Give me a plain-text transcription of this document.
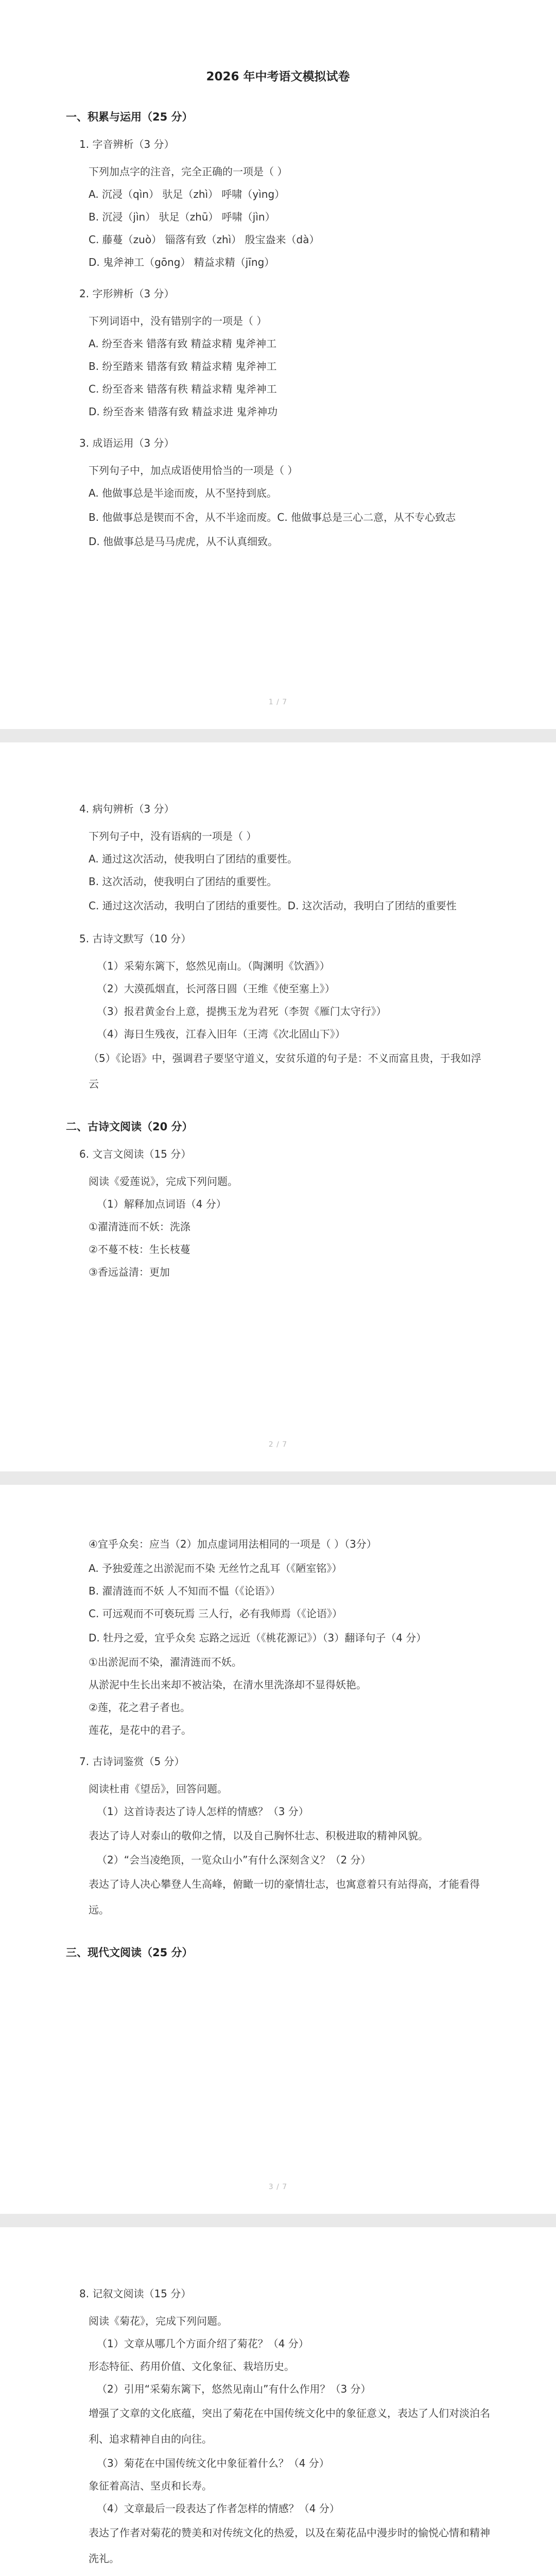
2026 年中考语文模拟试卷
一、积累与运用（25 分）
1. 字音辨析（3 分）
下列加点字的注音，完全正确的一项是（ ）
A. 沉浸（qìn） 驮足（zhì） 呼啸（yìng）
B. 沉浸（jìn） 驮足（zhū） 呼啸（jìn）
C. 藤蔓（zuò） 锱落有致（zhì） 殷宝盎来（dà）
D. 鬼斧神工（gōng） 精益求精（jīng）
2. 字形辨析（3 分）
下列词语中，没有错别字的一项是（ ）
A. 纷至沓来 错落有致 精益求精 鬼斧神工
B. 纷至踏来 错落有致 精益求精 鬼斧神工
C. 纷至沓来 错落有秩 精益求精 鬼斧神工
D. 纷至沓来 错落有致 精益求进 鬼斧神功
3. 成语运用（3 分）
下列句子中，加点成语使用恰当的一项是（ ）
A. 他做事总是半途而废，从不坚持到底。
B. 他做事总是锲而不舍，从不半途而废。C. 他做事总是三心二意，从不专心致志
D. 他做事总是马马虎虎，从不认真细致。
1 / 7
4. 病句辨析（3 分）
下列句子中，没有语病的一项是（ ）
A. 通过这次活动，使我明白了团结的重要性。
B. 这次活动，使我明白了团结的重要性。
C. 通过这次活动，我明白了团结的重要性。D. 这次活动，我明白了团结的重要性
5. 古诗文默写（10 分）
（1）采菊东篱下，悠然见南山。（陶渊明《饮酒》）
（2）大漠孤烟直，长河落日圆（王维《使至塞上》）
（3）报君黄金台上意，提携玉龙为君死（李贺《雁门太守行》）
（4）海日生残夜，江春入旧年（王湾《次北固山下》）
（5）《论语》中，强调君子要坚守道义，安贫乐道的句子是：不义而富且贵，于我如浮云
二、古诗文阅读（20 分）
6. 文言文阅读（15 分）
阅读《爱莲说》，完成下列问题。
（1）解释加点词语（4 分）
①濯清涟而不妖：洗涤
②不蔓不枝：生长枝蔓
③香远益清：更加
2 / 7
④宜乎众矣：应当（2）加点虚词用法相同的一项是（ ）（3分）
A. 予独爱莲之出淤泥而不染 无丝竹之乱耳（《陋室铭》）
B. 濯清涟而不妖 人不知而不愠（《论语》）
C. 可远观而不可亵玩焉 三人行，必有我师焉（《论语》）
D. 牡丹之爱，宜乎众矣 忘路之远近（《桃花源记》）（3）翻译句子（4 分）
①出淤泥而不染，濯清涟而不妖。
从淤泥中生长出来却不被沾染，在清水里洗涤却不显得妖艳。
②莲，花之君子者也。
莲花，是花中的君子。
7. 古诗词鉴赏（5 分）
阅读杜甫《望岳》，回答问题。
（1）这首诗表达了诗人怎样的情感？（3 分）
表达了诗人对泰山的敬仰之情，以及自己胸怀壮志、积极进取的精神风貌。
（2）“会当凌绝顶，一览众山小”有什么深刻含义？（2 分）
表达了诗人决心攀登人生高峰，俯瞰一切的豪情壮志，也寓意着只有站得高，才能看得远。
三、现代文阅读（25 分）
3 / 7
8. 记叙文阅读（15 分）
阅读《菊花》，完成下列问题。
（1）文章从哪几个方面介绍了菊花？（4 分）
形态特征、药用价值、文化象征、栽培历史。
（2）引用“采菊东篱下，悠然见南山”有什么作用？（3 分）
增强了文章的文化底蕴，突出了菊花在中国传统文化中的象征意义，表达了人们对淡泊名利、追求精神自由的向往。
（3）菊花在中国传统文化中象征着什么？（4 分）
象征着高洁、坚贞和长寿。
（4）文章最后一段表达了作者怎样的情感？（4 分）
表达了作者对菊花的赞美和对传统文化的热爱，以及在菊花品中漫步时的愉悦心情和精神洗礼。
